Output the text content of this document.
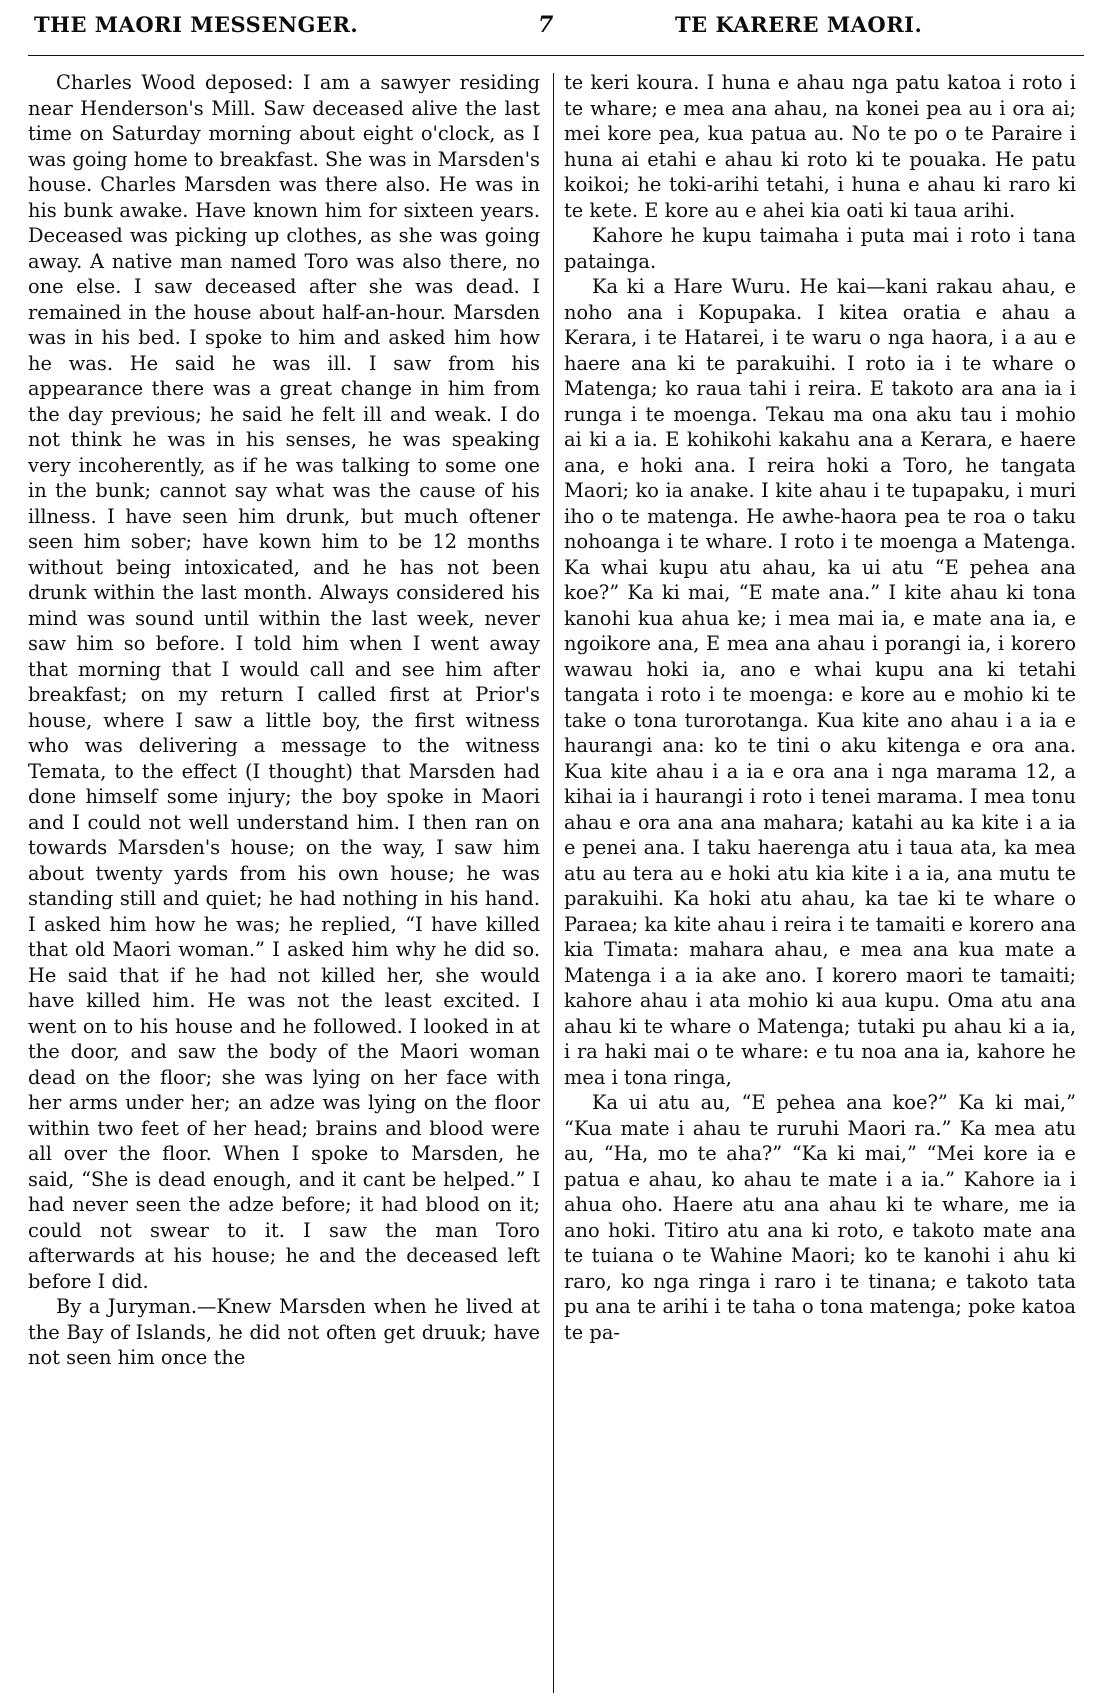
THE MAORI MESSENGER.	7	TE KARERE MAORI.

Charles Wood deposed: I am a sawyer residing near Henderson's Mill. Saw deceased alive the last time on Saturday morning about eight o'clock, as I was going home to breakfast. She was in Marsden's house. Charles Marsden was there also. He was in his bunk awake. Have known him for sixteen years. Deceased was picking up clothes, as she was going away. A native man named Toro was also there, no one else. I saw deceased after she was dead. I remained in the house about half-an-hour. Marsden was in his bed. I spoke to him and asked him how he was. He said he was ill. I saw from his appearance there was a great change in him from the day previous; he said he felt ill and weak. I do not think he was in his senses, he was speaking very incoherently, as if he was talking to some one in the bunk; cannot say what was the cause of his illness. I have seen him drunk, but much oftener seen him sober; have kown him to be 12 months without being intoxicated, and he has not been drunk within the last month. Always considered his mind was sound until within the last week, never saw him so before. I told him when I went away that morning that I would call and see him after breakfast; on my return I called first at Prior's house, where I saw a little boy, the first witness who was delivering a message to the witness Temata, to the effect (I thought) that Marsden had done himself some injury; the boy spoke in Maori and I could not well understand him. I then ran on towards Marsden's house; on the way, I saw him about twenty yards from his own house; he was standing still and quiet; he had nothing in his hand. I asked him how he was; he replied, “I have killed that old Maori woman.” I asked him why he did so. He said that if he had not killed her, she would have killed him. He was not the least excited. I went on to his house and he followed. I looked in at the door, and saw the body of the Maori woman dead on the floor; she was lying on her face with her arms under her; an adze was lying on the floor within two feet of her head; brains and blood were all over the floor. When I spoke to Marsden, he said, “She is dead enough, and it cant be helped.” I had never seen the adze before; it had blood on it; could not swear to it. I saw the man Toro afterwards at his house; he and the deceased left before I did.

By a Juryman.—Knew Marsden when he lived at the Bay of Islands, he did not often get druuk; have not seen him once the

te keri koura. I huna e ahau nga patu katoa i roto i te whare; e mea ana ahau, na konei pea au i ora ai; mei kore pea, kua patua au. No te po o te Paraire i huna ai etahi e ahau ki roto ki te pouaka. He patu koikoi; he toki-arihi tetahi, i huna e ahau ki raro ki te kete. E kore au e ahei kia oati ki taua arihi.

Kahore he kupu taimaha i puta mai i roto i tana pataingа.

Ka ki a Hare Wuru. He kai—kani rakau ahau, e noho ana i Kopupaka. I kitea oratia e ahau a Kerara, i te Hatarei, i te waru o nga haora, i a au e haere ana ki te parakuihi. I roto ia i te whare o Matenga; ko raua tahi i reira. E takoto ara ana ia i runga i te moenga. Tekau ma ona aku tau i mohio ai ki a ia. E kohikohi kakahu ana a Kerara, e haere ana, e hoki ana. I reira hoki a Toro, he tangata Maori; ko ia anake. I kite ahau i te tupapaku, i muri iho o te matenga. He awhe-haora pea te roa o taku nohoanga i te whare. I roto i te moenga a Matenga. Ka whai kupu atu ahau, ka ui atu “E pehea ana koe?” Ka ki mai, “E mate ana.” I kite ahau ki tona kanohi kua ahua ke; i mea mai ia, e mate ana ia, e ngoikore ana, E mea ana ahau i porangi ia, i korero wawau hoki ia, ano e whai kupu ana ki tetahi tangata i roto i te moenga: e kore au e mohio ki te take o tona turorotanga. Kua kite ano ahau i a ia e haurangi ana: ko te tini o aku kitenga e ora ana. Kua kite ahau i a ia e ora ana i nga marama 12, a kihai ia i haurangi i roto i tenei marama. I mea tonu ahau e ora ana ana mahara; katahi au ka kite i a ia e penei ana. I taku haerenga atu i taua ata, ka mea atu au tera au e hoki atu kia kite i a ia, ana mutu te parakuihi. Ka hoki atu ahau, ka tae ki te whare o Paraea; ka kite ahau i reira i te tamaiti e korero ana kia Timata: mahara ahau, e mea ana kua mate a Matenga i a ia ake ano. I korero maori te tamaiti; kahore ahau i ata mohio ki aua kupu. Oma atu ana ahau ki te whare o Matenga; tutaki pu ahau ki a ia, i ra haki mai o te whare: e tu noa ana ia, kahore he mea i tona ringa,

Ka ui atu au, “E pehea ana koe?” Ka ki mai,” “Kua mate i ahau te ruruhi Maori ra.” Ka mea atu au, “Ha, mo te aha?” “Ka ki mai,” “Mei kore ia e patua e ahau, ko ahau te mate i a ia.” Kahore ia i ahua oho. Haere atu ana ahau ki te whare, me ia ano hoki. Titiro atu ana ki roto, e takoto mate ana te tuiana o te Wahine Maori; ko te kanohi i ahu ki raro, ko nga ringa i raro i te tinana; e takoto tata pu ana te arihi i te taha o tona matenga; poke katoa te pa-
